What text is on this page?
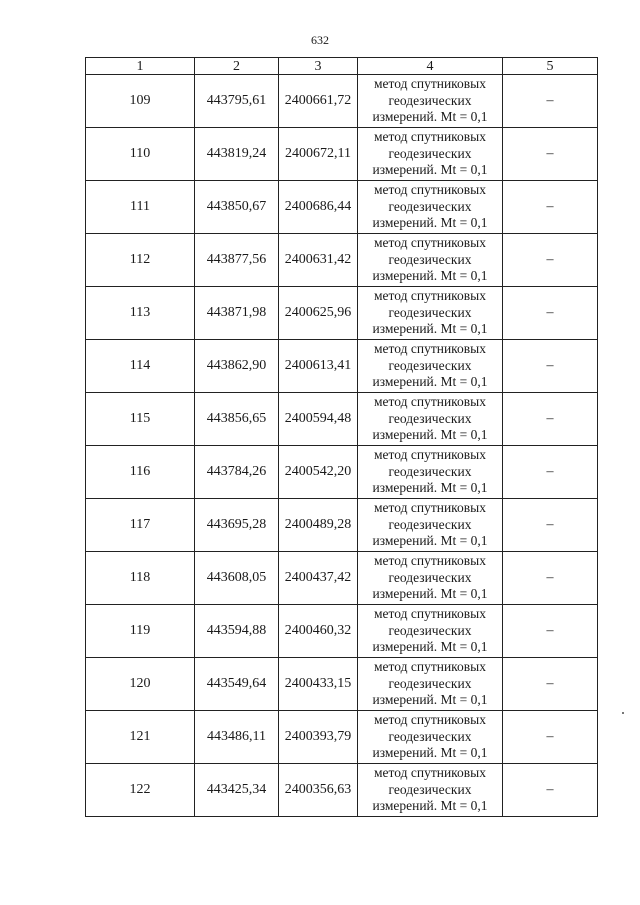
632
1	2	3	4	5
109	443795,61	2400661,72	метод спутниковых
геодезических
измерений. Mt = 0,1	–
110	443819,24	2400672,11	метод спутниковых
геодезических
измерений. Mt = 0,1	–
111	443850,67	2400686,44	метод спутниковых
геодезических
измерений. Mt = 0,1	–
112	443877,56	2400631,42	метод спутниковых
геодезических
измерений. Mt = 0,1	–
113	443871,98	2400625,96	метод спутниковых
геодезических
измерений. Mt = 0,1	–
114	443862,90	2400613,41	метод спутниковых
геодезических
измерений. Mt = 0,1	–
115	443856,65	2400594,48	метод спутниковых
геодезических
измерений. Mt = 0,1	–
116	443784,26	2400542,20	метод спутниковых
геодезических
измерений. Mt = 0,1	–
117	443695,28	2400489,28	метод спутниковых
геодезических
измерений. Mt = 0,1	–
118	443608,05	2400437,42	метод спутниковых
геодезических
измерений. Mt = 0,1	–
119	443594,88	2400460,32	метод спутниковых
геодезических
измерений. Mt = 0,1	–
120	443549,64	2400433,15	метод спутниковых
геодезических
измерений. Mt = 0,1	–
121	443486,11	2400393,79	метод спутниковых
геодезических
измерений. Mt = 0,1	–
122	443425,34	2400356,63	метод спутниковых
геодезических
измерений. Mt = 0,1	–
